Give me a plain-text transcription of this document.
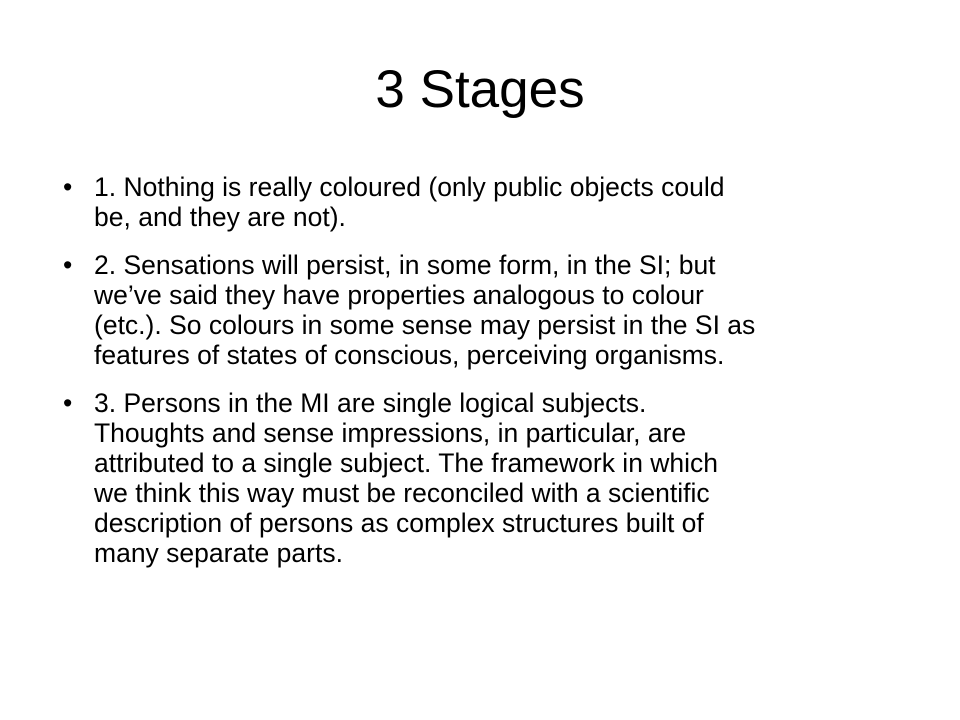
3 Stages
• 1. Nothing is really coloured (only public objects could
be, and they are not).
• 2. Sensations will persist, in some form, in the SI; but
we’ve said they have properties analogous to colour
(etc.). So colours in some sense may persist in the SI as
features of states of conscious, perceiving organisms.
• 3. Persons in the MI are single logical subjects.
Thoughts and sense impressions, in particular, are
attributed to a single subject. The framework in which
we think this way must be reconciled with a scientific
description of persons as complex structures built of
many separate parts.
